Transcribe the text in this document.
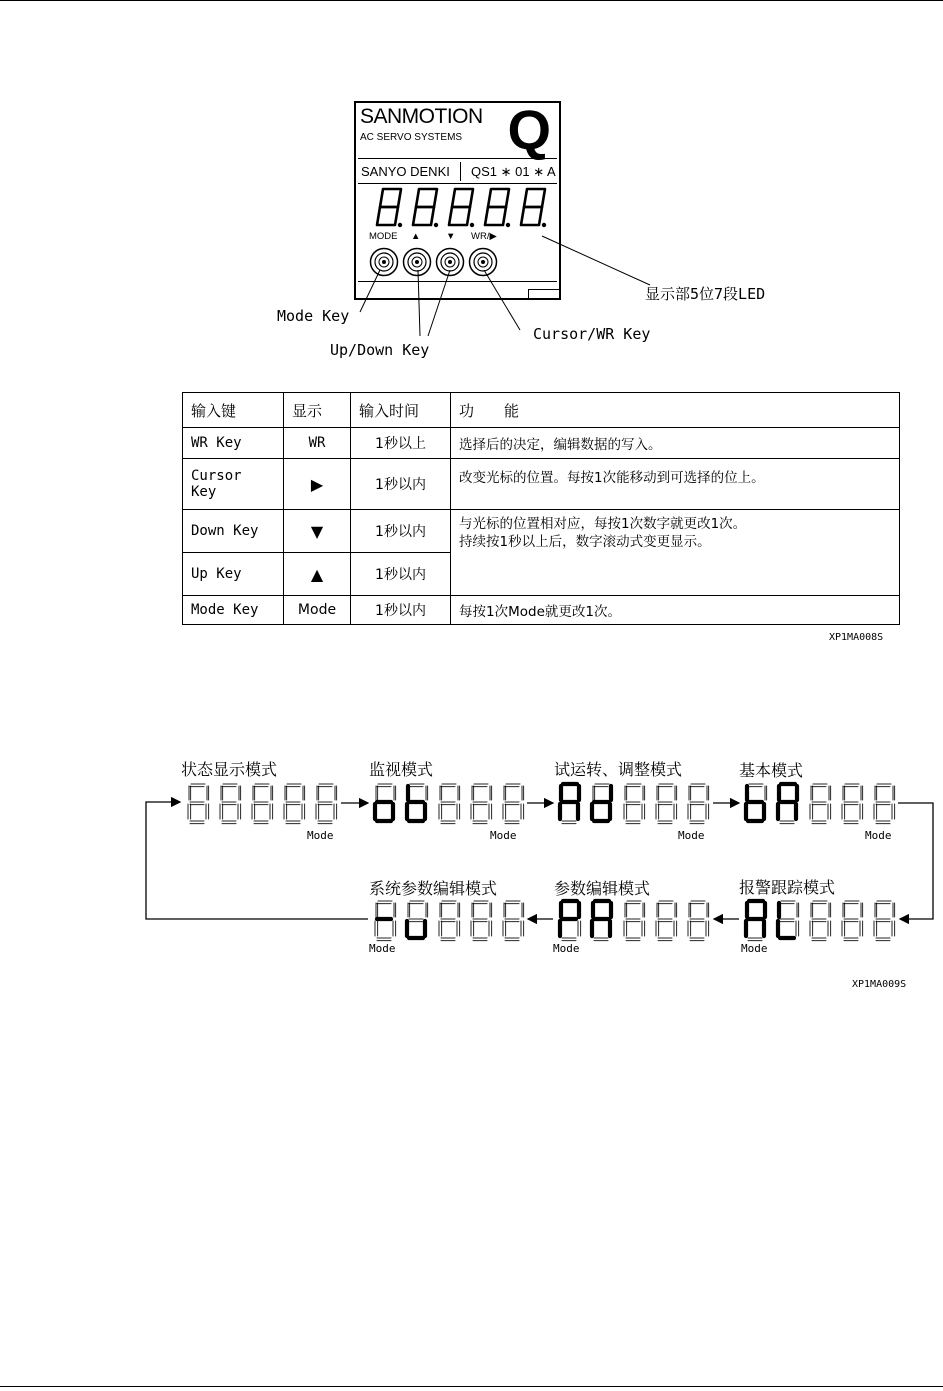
SANMOTION
AC SERVO SYSTEMS Q
SANYO DENKI	QS1 ∗ 01 ∗ A
MODE ▲	▼ WR/▶
显示部5位7段LED
Mode Key
Up/Down Key
Cursor/WR Key
输入键	显示	输入时间	功　　能
WR Key	WR	1秒以上	选择后的决定，编辑数据的写入。
Cursor Key	▶	1秒以内	改变光标的位置。每按1次能移动到可选择的位上。
Down Key	▼	1秒以内	与光标的位置相对应，每按1次数字就更改1次。
持续按1秒以上后，数字滚动式变更显示。
Up Key	▲	1秒以内	
Mode Key	Mode	1秒以内	每按1次Mode就更改1次。
XP1MA008S
状态显示模式	监视模式	试运转、调整模式	基本模式
报警跟踪模式
参数编辑模式
系统参数编辑模式
Mode	Mode	Mode	Mode
Mode
Mode
Mode
XP1MA009S
